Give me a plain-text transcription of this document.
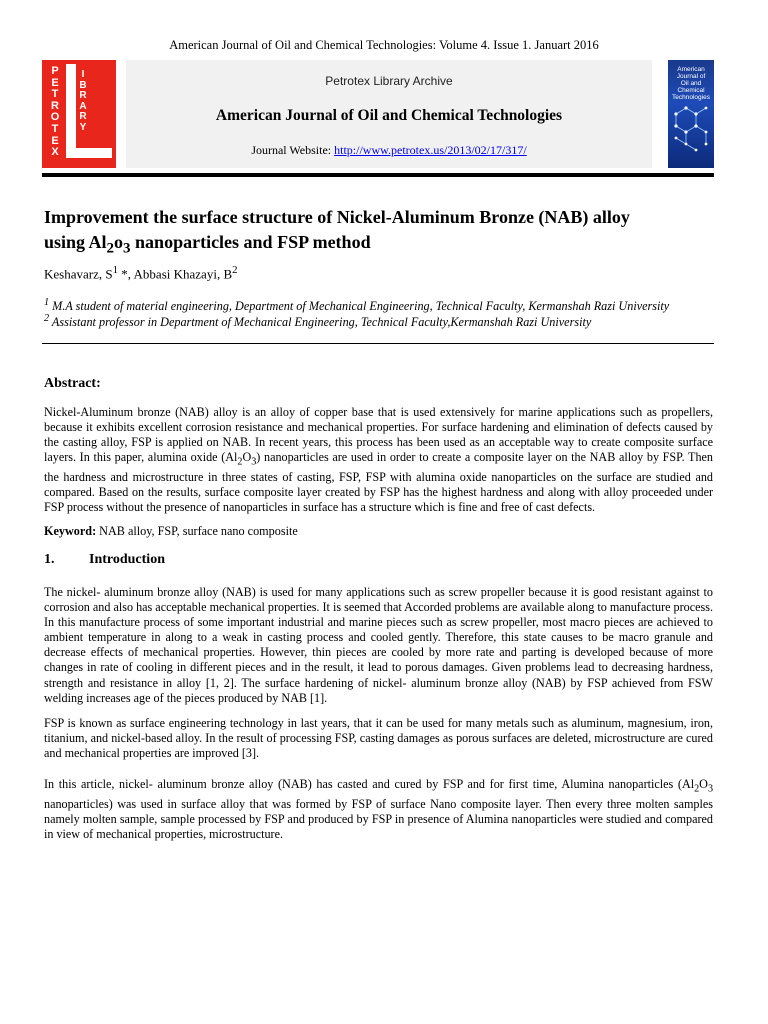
American Journal of Oil and Chemical Technologies: Volume 4. Issue 1. Januart 2016
P
E
T
R
O
T
E
X
I
B
R
A
R
Y
Petrotex Library Archive
American Journal of Oil and Chemical Technologies
Journal Website: http://www.petrotex.us/2013/02/17/317/
American Journal of
Oil and Chemical
Technologies
Improvement the surface structure of Nickel-Aluminum Bronze (NAB) alloy
using $Al_2o_3$ nanoparticles and FSP method
Keshavarz, $S^1$ *, Abbasi Khazayi, $B^2$
$^1$ M.A student of material engineering, Department of Mechanical Engineering, Technical Faculty, Kermanshah Razi University
$^2$ Assistant professor in Department of Mechanical Engineering, Technical Faculty,Kermanshah Razi University
Abstract:
Nickel-Aluminum bronze (NAB) alloy is an alloy of copper base that is used extensively for marine applications such as propellers, because it exhibits excellent corrosion resistance and mechanical properties. For surface hardening and elimination of defects caused by the casting alloy, FSP is applied on NAB. In recent years, this process has been used as an acceptable way to create composite surface layers. In this paper, alumina oxide $(Al_2O_3)$ nanoparticles are used in order to create a composite layer on the NAB alloy by FSP. Then the hardness and microstructure in three states of casting, FSP, FSP with alumina oxide nanoparticles on the surface are studied and compared. Based on the results, surface composite layer created by FSP has the highest hardness and along with alloy proceeded under FSP process without the presence of nanoparticles in surface has a structure which is fine and free of cast defects.
Keyword: NAB alloy, FSP, surface nano composite
1. Introduction
The nickel- aluminum bronze alloy (NAB) is used for many applications such as screw propeller because it is good resistant against to corrosion and also has acceptable mechanical properties. It is seemed that Accorded problems are available along to manufacture process. In this manufacture process of some important industrial and marine pieces such as screw propeller, most macro pieces are achieved to ambient temperature in along to a weak in casting process and cooled gently. Therefore, this state causes to be macro granule and decrease effects of mechanical properties. However, thin pieces are cooled by more rate and parting is developed because of more changes in rate of cooling in different pieces and in the result, it lead to porous damages. Given problems lead to decreasing hardness, strength and resistance in alloy [1, 2]. The surface hardening of nickel- aluminum bronze alloy (NAB) by FSP achieved from FSW welding increases age of the pieces produced by NAB [1].
FSP is known as surface engineering technology in last years, that it can be used for many metals such as aluminum, magnesium, iron, titanium, and nickel-based alloy. In the result of processing FSP, casting damages as porous surfaces are deleted, microstructure are cured and mechanical properties are improved [3].
In this article, nickel- aluminum bronze alloy (NAB) has casted and cured by FSP and for first time, Alumina nanoparticles ($Al_2O_3$ nanoparticles) was used in surface alloy that was formed by FSP of surface Nano composite layer. Then every three molten samples namely molten sample, sample processed by FSP and produced by FSP in presence of Alumina nanoparticles were studied and compared in view of mechanical properties, microstructure.
